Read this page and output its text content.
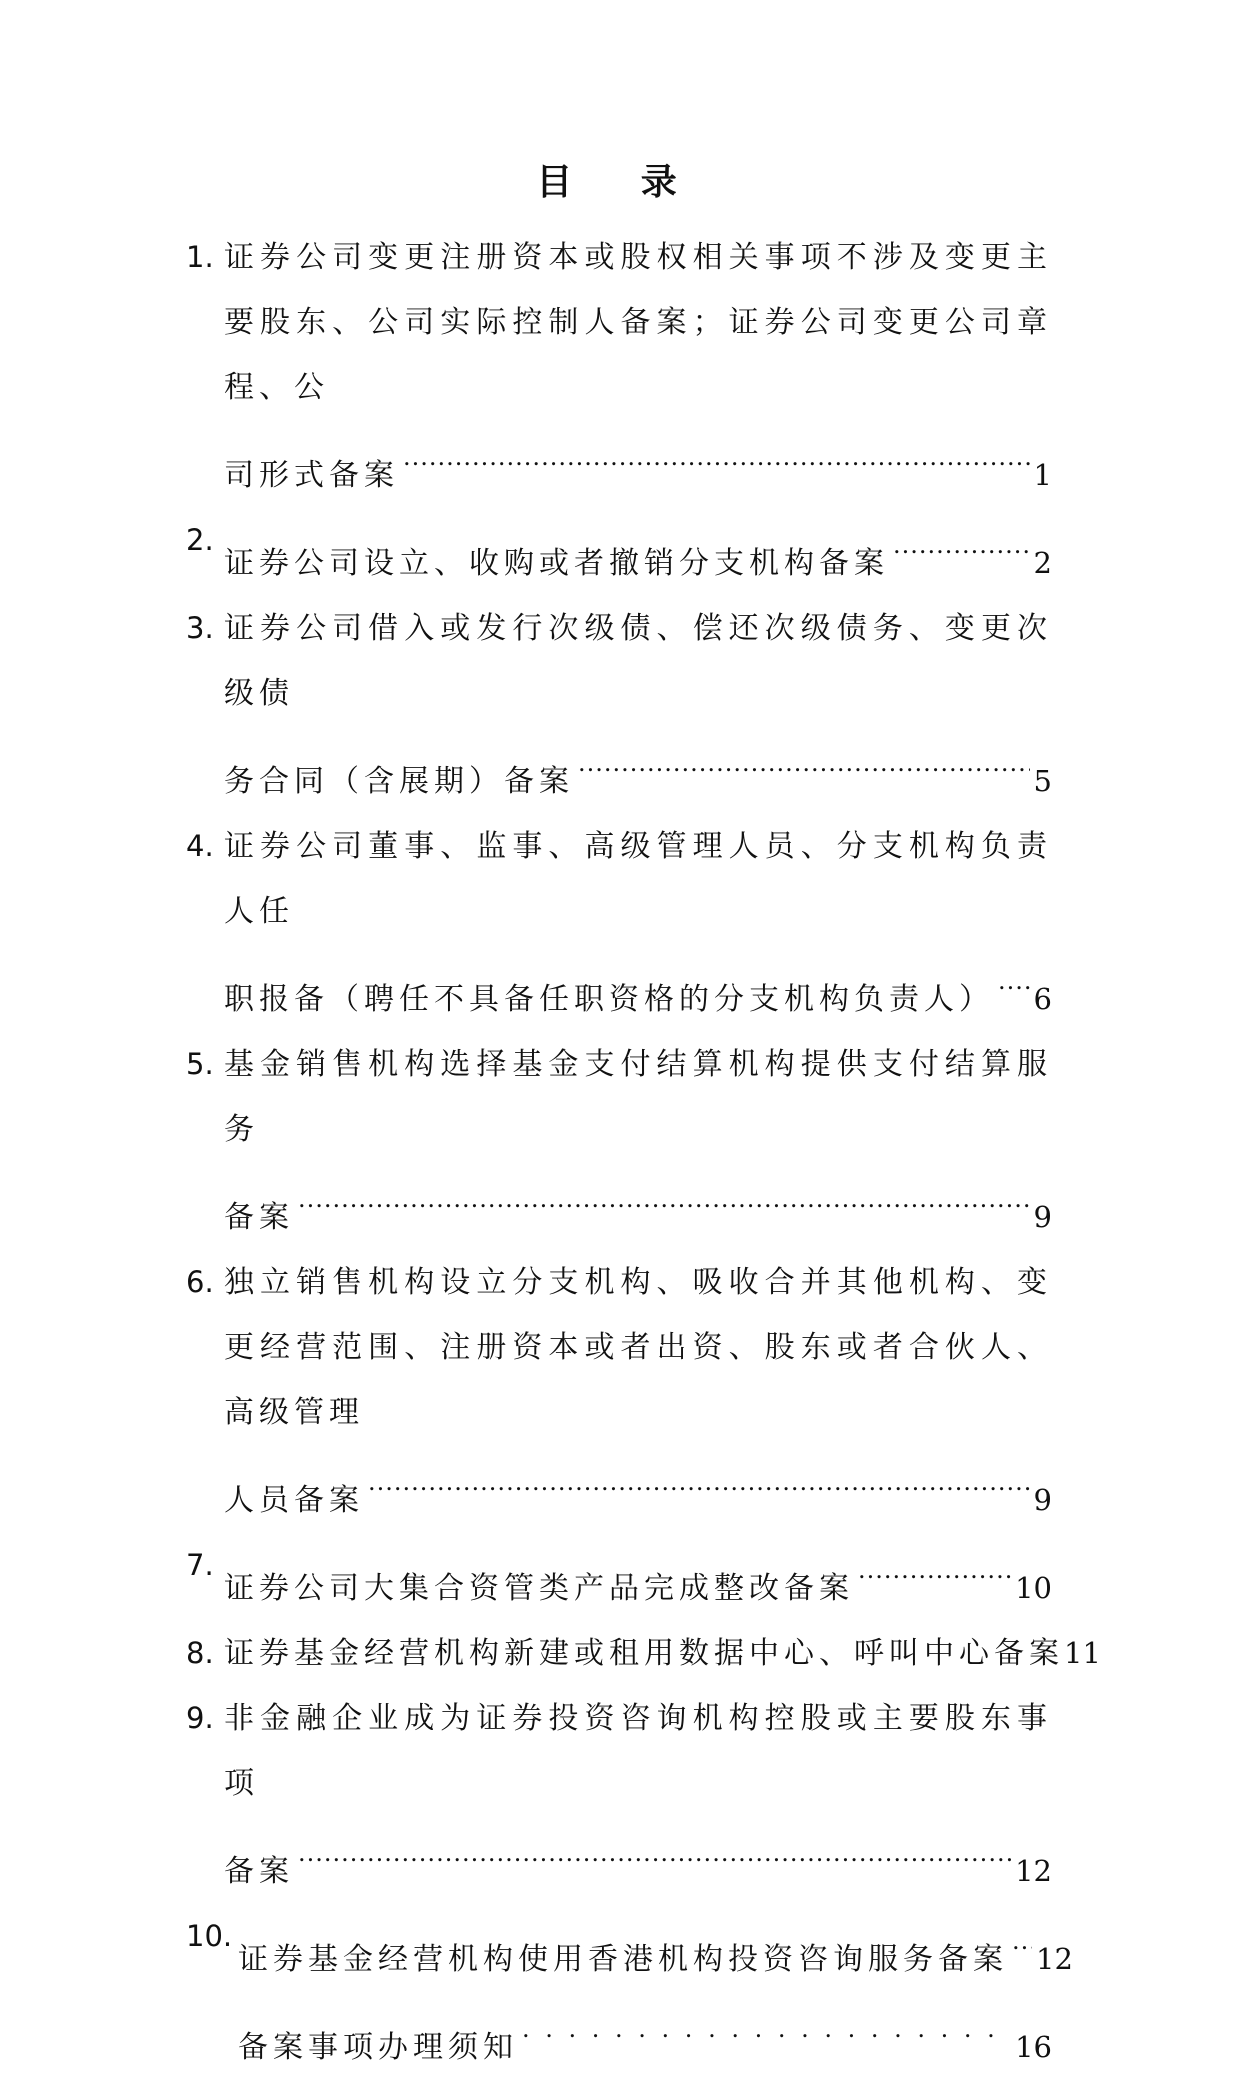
目 录
1. 证券公司变更注册资本或股权相关事项不涉及变更主要股东、公司实际控制人备案；证券公司变更公司章程、公
司形式备案 .....	1
2.
证券公司设立、收购或者撤销分支机构备案 .....	2
3. 证券公司借入或发行次级债、偿还次级债务、变更次级债
务合同（含展期）备案 .....	5
4. 证券公司董事、监事、高级管理人员、分支机构负责人任
职报备（聘任不具备任职资格的分支机构负责人） ..... 6
5. 基金销售机构选择基金支付结算机构提供支付结算服务
备案 .....	9
6. 独立销售机构设立分支机构、吸收合并其他机构、变更经营范围、注册资本或者出资、股东或者合伙人、高级管理
人员备案 .....	9
7.
证券公司大集合资管类产品完成整改备案 .....	10
8. 证券基金经营机构新建或租用数据中心、呼叫中心备案 11
9. 非金融企业成为证券投资咨询机构控股或主要股东事项
备案 .....	12
10.
证券基金经营机构使用香港机构投资咨询服务备案 ..... 12
备案事项办理须知 . . .	16
